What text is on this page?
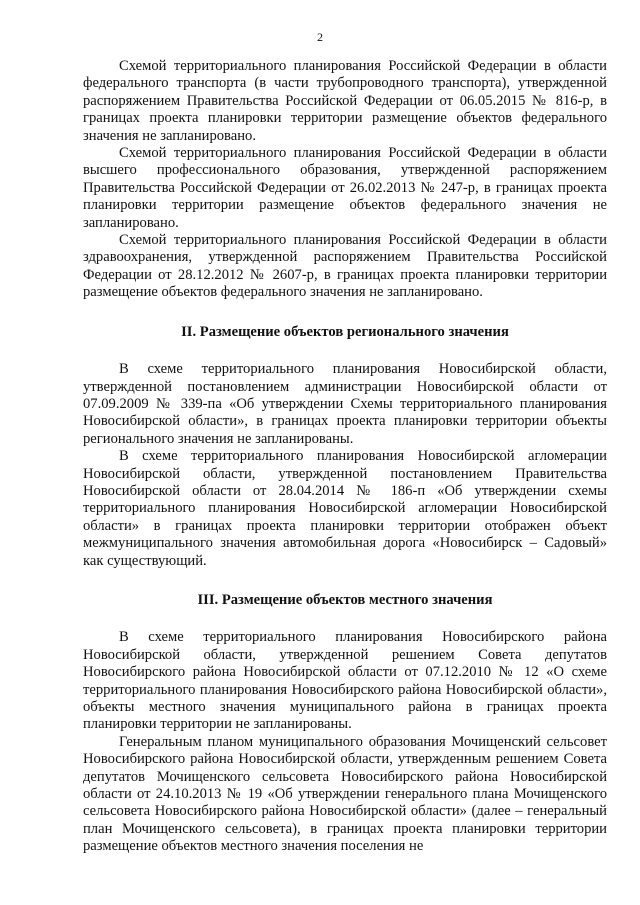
2

Схемой территориального планирования Российской Федерации в области федерального транспорта (в части трубопроводного транспорта), утвержденной распоряжением Правительства Российской Федерации от 06.05.2015 № 816-р, в границах проекта планировки территории размещение объектов федерального значения не запланировано.

Схемой территориального планирования Российской Федерации в области высшего профессионального образования, утвержденной распоряжением Правительства Российской Федерации от 26.02.2013 № 247-р, в границах проекта планировки территории размещение объектов федерального значения не запланировано.

Схемой территориального планирования Российской Федерации в области здравоохранения, утвержденной распоряжением Правительства Российской Федерации от 28.12.2012 № 2607-р, в границах проекта планировки территории размещение объектов федерального значения не запланировано.

II. Размещение объектов регионального значения

В схеме территориального планирования Новосибирской области, утвержденной постановлением администрации Новосибирской области от 07.09.2009 № 339-па «Об утверждении Схемы территориального планирования Новосибирской области», в границах проекта планировки территории объекты регионального значения не запланированы.

В схеме территориального планирования Новосибирской агломерации Новосибирской области, утвержденной постановлением Правительства Новосибирской области от 28.04.2014 № 186-п «Об утверждении схемы территориального планирования Новосибирской агломерации Новосибирской области» в границах проекта планировки территории отображен объект межмуниципального значения автомобильная дорога «Новосибирск – Садовый» как существующий.

III. Размещение объектов местного значения

В схеме территориального планирования Новосибирского района Новосибирской области, утвержденной решением Совета депутатов Новосибирского района Новосибирской области от 07.12.2010 № 12 «О схеме территориального планирования Новосибирского района Новосибирской области», объекты местного значения муниципального района в границах проекта планировки территории не запланированы.

Генеральным планом муниципального образования Мочищенский сельсовет Новосибирского района Новосибирской области, утвержденным решением Совета депутатов Мочищенского сельсовета Новосибирского района Новосибирской области от 24.10.2013 № 19 «Об утверждении генерального плана Мочищенского сельсовета Новосибирского района Новосибирской области» (далее – генеральный план Мочищенского сельсовета), в границах проекта планировки территории размещение объектов местного значения поселения не
